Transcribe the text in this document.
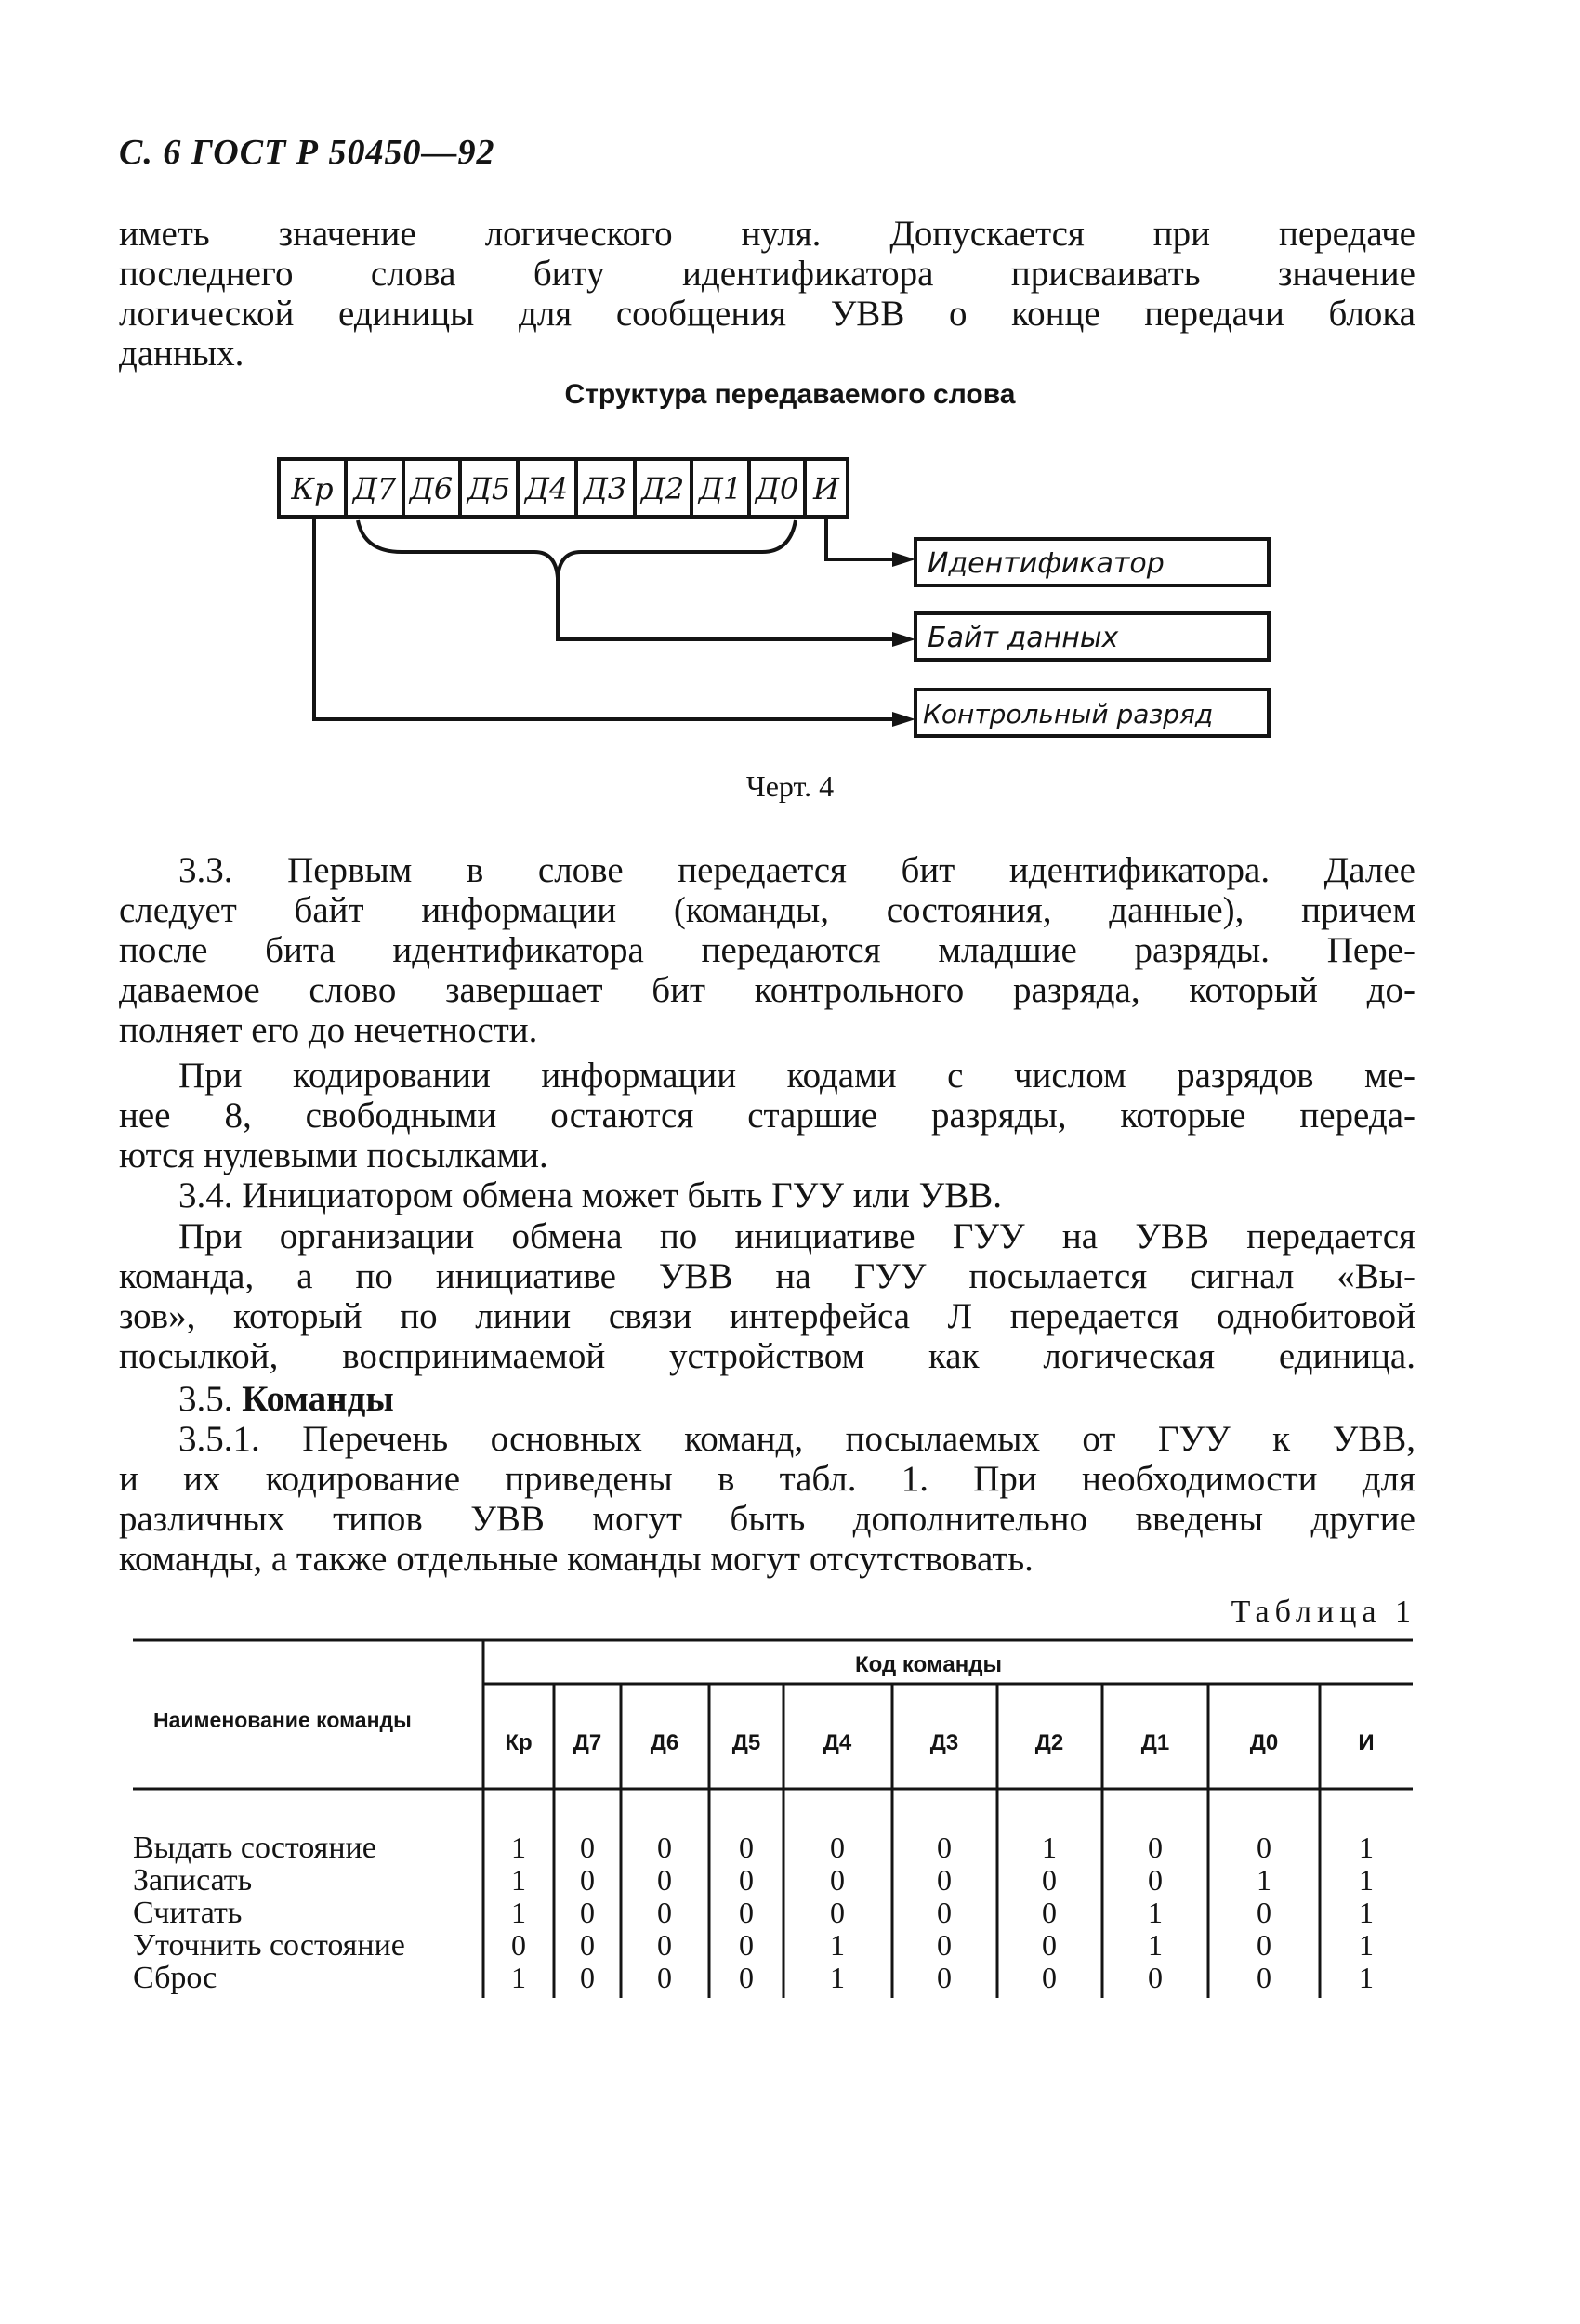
С. 6 ГОСТ Р 50450—92
иметь значение логического нуля. Допускается при передаче
последнего слова биту идентификатора присваивать значение
логической единицы для сообщения УВВ о конце передачи блока
данных.
Структура передаваемого слова
Кр Д7 Д6 Д5 Д4 Д3 Д2 Д1 Д0 И
Идентификатор
Байт данных
Контрольный разряд
Черт. 4
3.3. Первым в слове передается бит идентификатора. Далее
следует байт информации (команды, состояния, данные), причем
после бита идентификатора передаются младшие разряды. Пере-
даваемое слово завершает бит контрольного разряда, который до-
полняет его до нечетности.
При кодировании информации кодами с числом разрядов ме-
нее 8, свободными остаются старшие разряды, которые переда-
ются нулевыми посылками.
3.4. Инициатором обмена может быть ГУУ или УВВ.
При организации обмена по инициативе ГУУ на УВВ передается
команда, а по инициативе УВВ на ГУУ посылается сигнал «Вы-
зов», который по линии связи интерфейса Л передается однобитовой
посылкой, воспринимаемой устройством как логическая единица.
3.5. Команды
3.5.1. Перечень основных команд, посылаемых от ГУУ к УВВ,
и их кодирование приведены в табл. 1. При необходимости для
различных типов УВВ могут быть дополнительно введены другие
команды, а также отдельные команды могут отсутствовать.
Таблица 1
Наименование команды
Код команды
Кр	Д7	Д6	Д5	Д4	Д3	Д2	Д1	Д0	И
Выдать состояние	1	0	0	0	0	0	1	0	0	1
Записать	1	0	0	0	0	0	0	0	1	1
Считать	1	0	0	0	0	0	0	1	0	1
Уточнить состояние	0	0	0	0	1	0	0	1	0	1
Сброс	1	0	0	0	1	0	0	0	0	1
